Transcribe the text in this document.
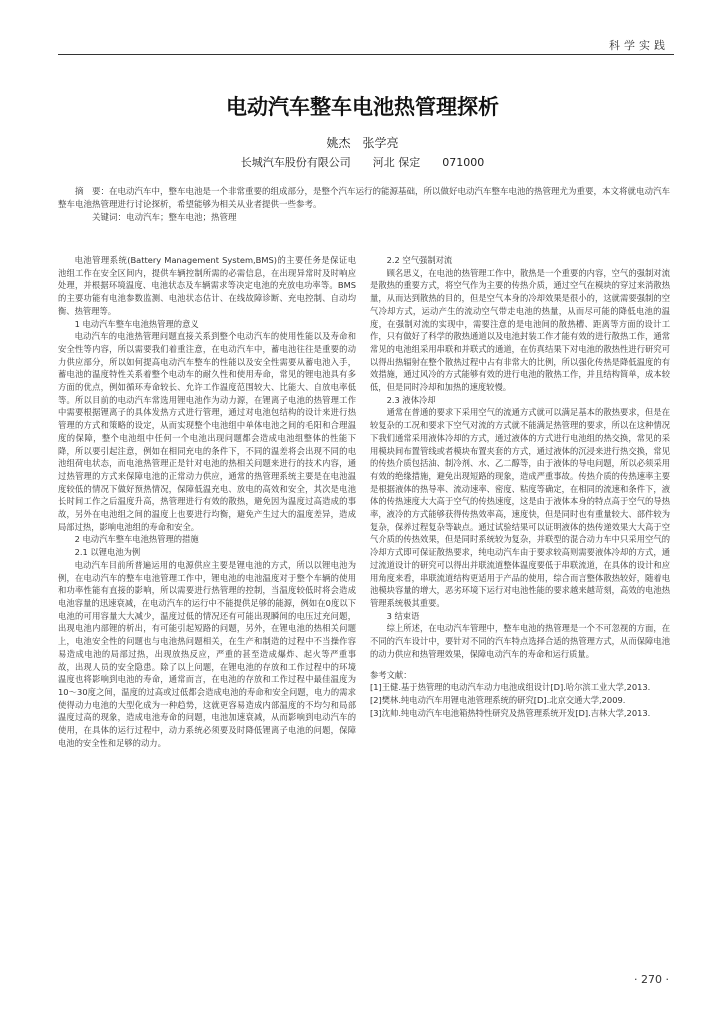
科学实践
电动汽车整车电池热管理探析
姚杰　张学亮
长城汽车股份有限公司　　河北 保定　　071000

摘　要：在电动汽车中，整车电池是一个非常重要的组成部分，是整个汽车运行的能源基础，所以做好电动汽车整车电池的热管理尤为重要，本文将就电动汽车整车电池热管理进行讨论探析，希望能够为相关从业者提供一些参考。

关键词：电动汽车；整车电池；热管理

电池管理系统(Battery Management System,BMS)的主要任务是保证电池组工作在安全区间内，提供车辆控制所需的必需信息，在出现异常时及时响应处理，并根据环境温度、电池状态及车辆需求等决定电池的充放电功率等。BMS的主要功能有电池参数监测、电池状态估计、在线故障诊断、充电控制、自动均衡、热管理等。

1 电动汽车整车电池热管理的意义

电动汽车的电池热管理问题直接关系到整个电动汽车的使用性能以及寿命和安全性等内容，所以需要我们着重注意，在电动汽车中，蓄电池往往是重要的动力供应部分，所以如何提高电动汽车整车的性能以及安全性需要从蓄电池入手，蓄电池的温度特性关系着整个电动车的耐久性和使用寿命，常见的锂电池具有多方面的优点，例如循环寿命较长、允许工作温度范围较大、比能大、自放电率低等。所以目前的电动汽车常选用锂电池作为动力源，在锂离子电池的热管理工作中需要根据锂离子的具体发热方式进行管理，通过对电池包结构的设计来进行热管理的方式和策略的设定，从而实现整个电池组中单体电池之间的毛阳和合理温度的保障，整个电池组中任何一个电池出现问题都会造成电池组整体的性能下降，所以要引起注意，例如在相同充电的条件下，不同的温差将会出现不同的电池组荷电状态，而电池热管理正是针对电池的热相关问题来进行的技术内容，通过热管理的方式来保障电池的正常动力供应，通常的热管理系统主要是在电池温度较低的情况下做好预热情况，保障低温充电、放电的高效和安全，其次是电池长时间工作之后温度升高，热管理进行有效的散热，避免因为温度过高造成的事故，另外在电池组之间的温度上也要进行均衡，避免产生过大的温度差异，造成局部过热，影响电池组的寿命和安全。

2 电动汽车整车电池热管理的措施
2.1 以锂电池为例

电动汽车目前所普遍运用的电源供应主要是锂电池的方式，所以以锂电池为例，在电动汽车的整车电池管理工作中，锂电池的电池温度对于整个车辆的使用和功率性能有直接的影响，所以需要进行热管理的控制，当温度较低时将会造成电池容量的迅速衰减，在电动汽车的运行中不能提供足够的能源，例如在0度以下电池的可用容量大大减少，温度过低的情况还有可能出现瞬间的电压过充问题，出现电池内部锂的析出，有可能引起短路的问题，另外，在锂电池的热相关问题上，电池安全性的问题也与电池热问题相关，在生产和制造的过程中不当操作容易造成电池的局部过热，出现放热反应，严重的甚至造成爆炸、起火等严重事故，出现人员的安全隐患。除了以上问题，在锂电池的存放和工作过程中的环境温度也将影响到电池的寿命，通常而言，在电池的存放和工作过程中最佳温度为10～30度之间，温度的过高或过低都会造成电池的寿命和安全问题，电力的需求使得动力电池的大型化成为一种趋势，这就更容易造成内部温度的不均匀和局部温度过高的现象，造成电池寿命的问题，电池加速衰减，从而影响到电动汽车的使用，在具体的运行过程中，动力系统必须要及时降低锂离子电池的问题，保障电池的安全性和足够的动力。

2.2 空气强制对流

顾名思义，在电池的热管理工作中，散热是一个重要的内容，空气的强制对流是散热的重要方式，将空气作为主要的传热介质，通过空气在模块的穿过来消散热量，从而达到散热的目的，但是空气本身的冷却效果是很小的，这就需要强制的空气冷却方式，运动产生的流动空气带走电池的热量，从而尽可能的降低电池的温度，在强制对流的实现中，需要注意的是电池间的散热槽、距离等方面的设计工作，只有做好了科学的散热通道以及电池封装工作才能有效的进行散热工作，通常常见的电池组采用串联和并联式的通道，在仿真结果下对电池的散热性进行研究可以得出热辐射在整个散热过程中占有非常大的比例，所以强化传热是降低温度的有效措施，通过风冷的方式能够有效的进行电池的散热工作，并且结构简单，成本较低，但是同时冷却和加热的速度较慢。

2.3 液体冷却

通常在普通的要求下采用空气的流通方式就可以满足基本的散热要求，但是在较复杂的工况和要求下空气对流的方式就不能满足热管理的要求，所以在这种情况下我们通常采用液体冷却的方式，通过液体的方式进行电池组的热交换，常见的采用模块间布置管线或者模块布置夹套的方式，通过液体的沉浸来进行热交换，常见的传热介质包括油、制冷剂、水、乙二醇等，由于液体的导电问题，所以必须采用有效的绝缘措施，避免出现短路的现象，造成严重事故。传热介质的传热速率主要是根据液体的热导率、流动速率、密度、粘度等确定，在相同的流速和条件下，液体的传热速度大大高于空气的传热速度，这是由于液体本身的特点高于空气的导热率，液冷的方式能够获得传热效率高，速度快，但是同时也有重量较大、部件较为复杂，保养过程复杂等缺点。通过试验结果可以证明液体的热传递效果大大高于空气介质的传热效果，但是同时系统较为复杂，并联型的混合动力车中只采用空气的冷却方式即可保证散热要求，纯电动汽车由于要求较高则需要液体冷却的方式，通过流道设计的研究可以得出并联流道整体温度要低于串联流道，在具体的设计和应用角度来看，串联流道结构更适用于产品的使用，综合而言整体散热较好，随着电池模块容量的增大，恶劣环境下运行对电池性能的要求越来越苛刻，高效的电池热管理系统极其重要。

3 结束语

综上所述，在电动汽车管理中，整车电池的热管理是一个不可忽视的方面，在不同的汽车设计中，要针对不同的汽车特点选择合适的热管理方式，从而保障电池的动力供应和热管理效果，保障电动汽车的寿命和运行质量。

参考文献：

[1]王健.基于热管理的电动汽车动力电池成组设计[D].哈尔滨工业大学,2013.

[2]樊林.纯电动汽车用锂电池管理系统的研究[D].北京交通大学,2009.

[3]沈帅.纯电动汽车电池箱热特性研究及热管理系统开发[D].吉林大学,2013.

· 270 ·
